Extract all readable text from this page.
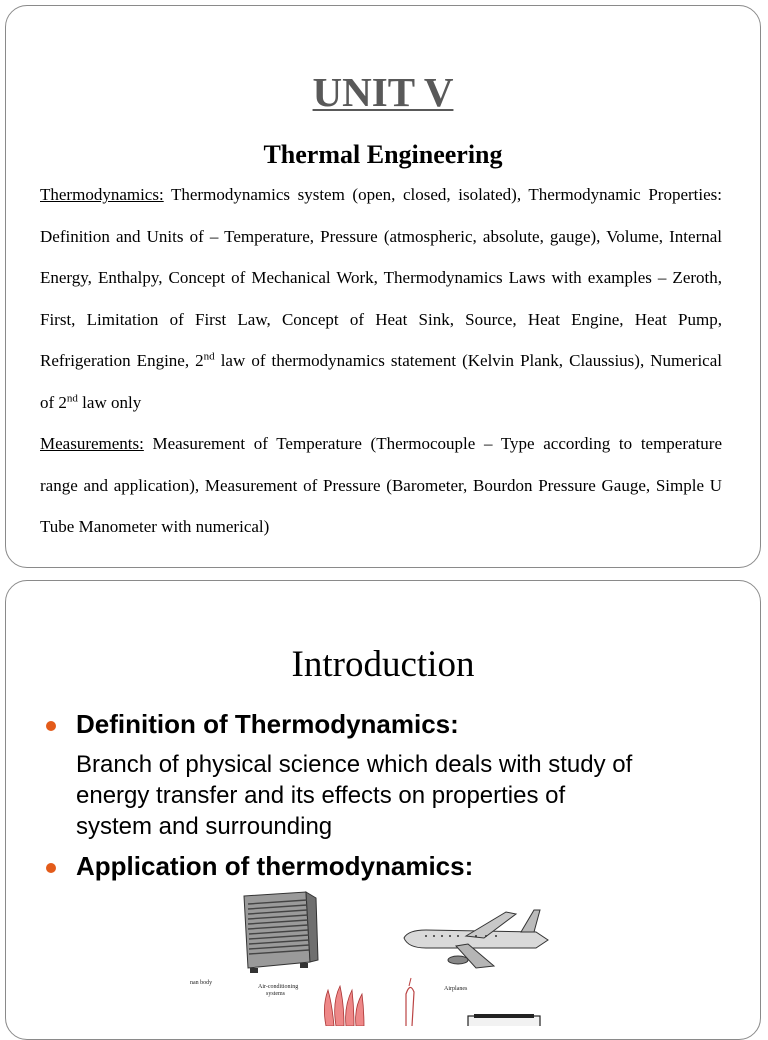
UNIT V
Thermal Engineering
Thermodynamics: Thermodynamics system (open, closed, isolated), Thermodynamic Properties: Definition and Units of – Temperature, Pressure (atmospheric, absolute, gauge), Volume, Internal Energy, Enthalpy, Concept of Mechanical Work, Thermodynamics Laws with examples – Zeroth, First, Limitation of First Law, Concept of Heat Sink, Source, Heat Engine, Heat Pump, Refrigeration Engine, 2nd law of thermodynamics statement (Kelvin Plank, Claussius), Numerical of 2nd law only
Measurements: Measurement of Temperature (Thermocouple – Type according to temperature range and application), Measurement of Pressure (Barometer, Bourdon Pressure Gauge, Simple U Tube Manometer with numerical)
Introduction
Definition of Thermodynamics:
Branch of physical science which deals with study of
energy transfer and its effects on properties of
system and surrounding
Application of thermodynamics:
nan body
Air-conditioning
systems
Airplanes
